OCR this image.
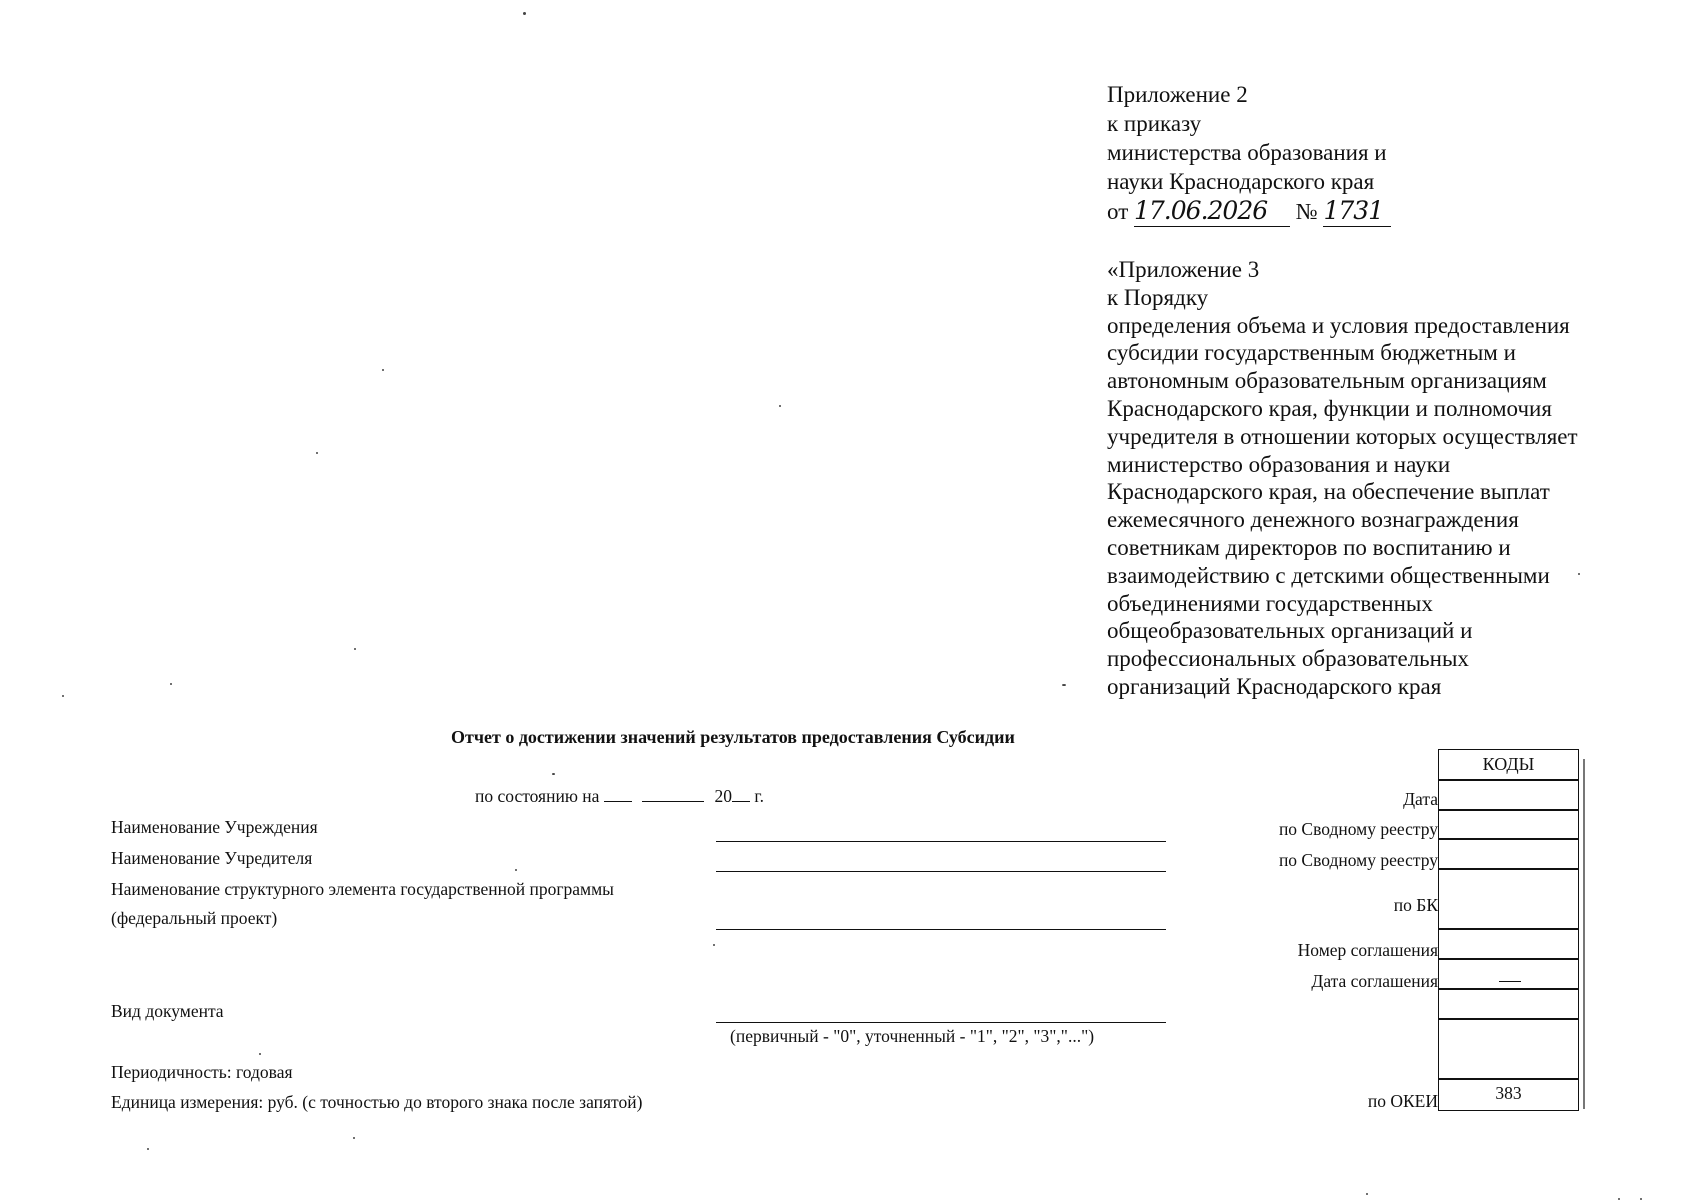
Приложение 2
к приказу
министерства образования и
науки Краснодарского края
от 17.06.2026 № 1731
«Приложение 3
к Порядку
определения объема и условия предоставления
субсидии государственным бюджетным и
автономным образовательным организациям
Краснодарского края, функции и полномочия
учредителя в отношении которых осуществляет
министерство образования и науки
Краснодарского края, на обеспечение выплат
ежемесячного денежного вознаграждения
советникам директоров по воспитанию и
взаимодействию с детскими общественными
объединениями государственных
общеобразовательных организаций и
профессиональных образовательных
организаций Краснодарского края
Отчет о достижении значений результатов предоставления Субсидии
по состоянию на	20 г.
Наименование Учреждения
Наименование Учредителя
Наименование структурного элемента государственной программы
(федеральный проект)
Вид документа
(первичный - "0", уточненный - "1", "2", "3","...")
Периодичность: годовая
Единица измерения: руб. (с точностью до второго знака после запятой)
Дата
по Сводному реестру
по Сводному реестру
по БК
Номер соглашения
Дата соглашения
по ОКЕИ
КОДЫ
383
